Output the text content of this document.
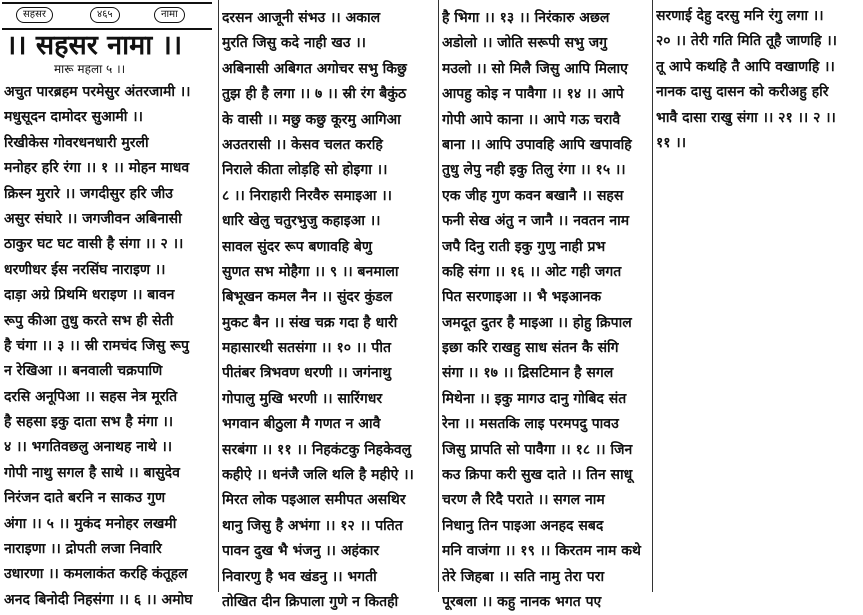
सहसर	४६५	नामा
।। सहसर नामा ।।
मारू महला ५ ।।
अचुत पारब्रहम परमेसुर अंतरजामी ।।
मधुसूदन दामोदर सुआमी ।।
रिखीकेस गोवरधनधारी मुरली
मनोहर हरि रंगा ।। १ ।। मोहन माधव
क्रिस्न मुरारे ।। जगदीसुर हरि जीउ
असुर संघारे ।। जगजीवन अबिनासी
ठाकुर घट घट वासी है संगा ।। २ ।।
धरणीधर ईस नरसिंघ नाराइण ।।
दाड़ा अग्रे प्रिथमि धराइण ।। बावन
रूपु कीआ तुधु करते सभ ही सेती
है चंगा ।। ३ ।। स्री रामचंद जिसु रूपु
न रेखिआ ।। बनवाली चक्रपाणि
दरसि अनूपिआ ।। सहस नेत्र मूरति
है सहसा इकु दाता सभ है मंगा ।।
४ ।। भगतिवछलु अनाथह नाथे ।।
गोपी नाथु सगल है साथे ।। बासुदेव
निरंजन दाते बरनि न साकउ गुण
अंगा ।। ५ ।। मुकंद मनोहर लखमी
नाराइणा ।। द्रोपती लजा निवारि
उधारणा ।। कमलाकंत करहि कंतूहल
अनद बिनोदी निहसंगा ।। ६ ।। अमोघ
दरसन आजूनी संभउ ।। अकाल
मुरति जिसु कदे नाही खउ ।।
अबिनासी अबिगत अगोचर सभु किछु
तुझ ही है लगा ।। ७ ।। स्री रंग बैकुंठ
के वासी ।। मछु कछु कूरमु आगिआ
अउतरासी ।। केसव चलत करहि
निराले कीता लोड़हि सो होइगा ।।
८ ।। निराहारी निरवैरु समाइआ ।।
धारि खेलु चतुरभुजु कहाइआ ।।
सावल सुंदर रूप बणावहि बेणु
सुणत सभ मोहैगा ।। ९ ।। बनमाला
बिभूखन कमल नैन ।। सुंदर कुंडल
मुकट बैन ।। संख चक्र गदा है धारी
महासारथी सतसंगा ।। १० ।। पीत
पीतंबर त्रिभवण धरणी ।। जगंनाथु
गोपालु मुखि भरणी ।। सारिंगधर
भगवान बीठुला मै गणत न आवै
सरबंगा ।। ११ ।। निहकंटकु निहकेवलु
कहीऐ ।। धनंजै जलि थलि है महीऐ ।।
मिरत लोक पइआल समीपत असथिर
थानु जिसु है अभंगा ।। १२ ।। पतित
पावन दुख भै भंजनु ।। अहंकार
निवारणु है भव खंडनु ।। भगती
तोखित दीन क्रिपाला गुणे न कितही
है भिगा ।। १३ ।। निरंकारु अछल
अडोलो ।। जोति सरूपी सभु जगु
मउलो ।। सो मिलै जिसु आपि मिलाए
आपहु कोइ न पावैगा ।। १४ ।। आपे
गोपी आपे काना ।। आपे गऊ चरावै
बाना ।। आपि उपावहि आपि खपावहि
तुधु लेपु नही इकु तिलु रंगा ।। १५ ।।
एक जीह गुण कवन बखानै ।। सहस
फनी सेख अंतु न जानै ।। नवतन नाम
जपै दिनु राती इकु गुणु नाही प्रभ
कहि संगा ।। १६ ।। ओट गही जगत
पित सरणाइआ ।। भै भइआनक
जमदूत दुतर है माइआ ।। होहु क्रिपाल
इछा करि राखहु साध संतन कै संगि
संगा ।। १७ ।। द्रिसटिमान है सगल
मिथेना ।। इकु मागउ दानु गोबिद संत
रेना ।। मसतकि लाइ परमपदु पावउ
जिसु प्रापति सो पावैगा ।। १८ ।। जिन
कउ क्रिपा करी सुख दाते ।। तिन साधू
चरण लै रिदै पराते ।। सगल नाम
निधानु तिन पाइआ अनहद सबद
मनि वाजंगा ।। १९ ।। किरतम नाम कथे
तेरे जिहबा ।। सति नामु तेरा परा
पूरबला ।। कहु नानक भगत पए
सरणाई देहु दरसु मनि रंगु लगा ।।
२० ।। तेरी गति मिति तूहै जाणहि ।।
तू आपे कथहि तै आपि वखाणहि ।।
नानक दासु दासन को करीअहु हरि
भावै दासा राखु संगा ।। २१ ।। २ ।।
११ ।।
